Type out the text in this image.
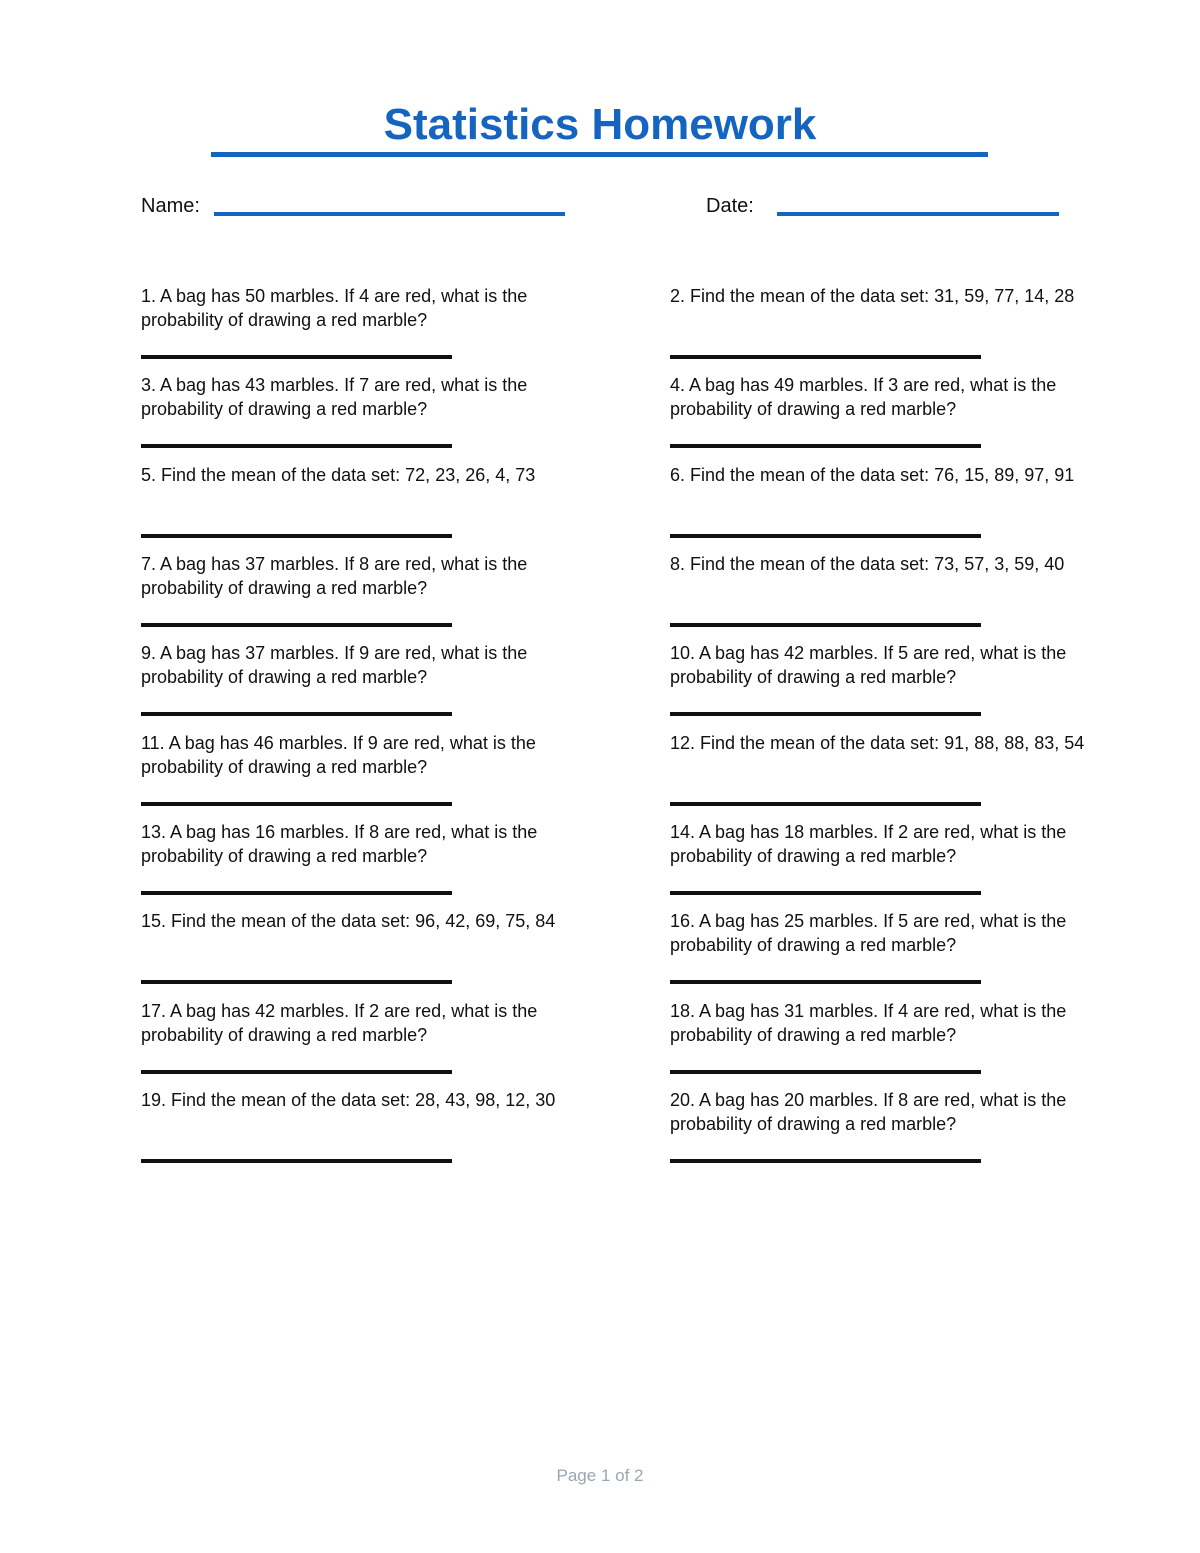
Statistics Homework
Name:	Date:
1. A bag has 50 marbles. If 4 are red, what is the probability of drawing a red marble?
2. Find the mean of the data set: 31, 59, 77, 14, 28
3. A bag has 43 marbles. If 7 are red, what is the probability of drawing a red marble?
4. A bag has 49 marbles. If 3 are red, what is the probability of drawing a red marble?
5. Find the mean of the data set: 72, 23, 26, 4, 73	6. Find the mean of the data set: 76, 15, 89, 97, 91
7. A bag has 37 marbles. If 8 are red, what is the probability of drawing a red marble?
8. Find the mean of the data set: 73, 57, 3, 59, 40
9. A bag has 37 marbles. If 9 are red, what is the probability of drawing a red marble?
10. A bag has 42 marbles. If 5 are red, what is the probability of drawing a red marble?
11. A bag has 46 marbles. If 9 are red, what is the probability of drawing a red marble?
12. Find the mean of the data set: 91, 88, 88, 83, 54
13. A bag has 16 marbles. If 8 are red, what is the probability of drawing a red marble?
14. A bag has 18 marbles. If 2 are red, what is the probability of drawing a red marble?
15. Find the mean of the data set: 96, 42, 69, 75, 84	16. A bag has 25 marbles. If 5 are red, what is the probability of drawing a red marble?
17. A bag has 42 marbles. If 2 are red, what is the probability of drawing a red marble?
18. A bag has 31 marbles. If 4 are red, what is the probability of drawing a red marble?
19. Find the mean of the data set: 28, 43, 98, 12, 30	20. A bag has 20 marbles. If 8 are red, what is the probability of drawing a red marble?
Page 1 of 2
